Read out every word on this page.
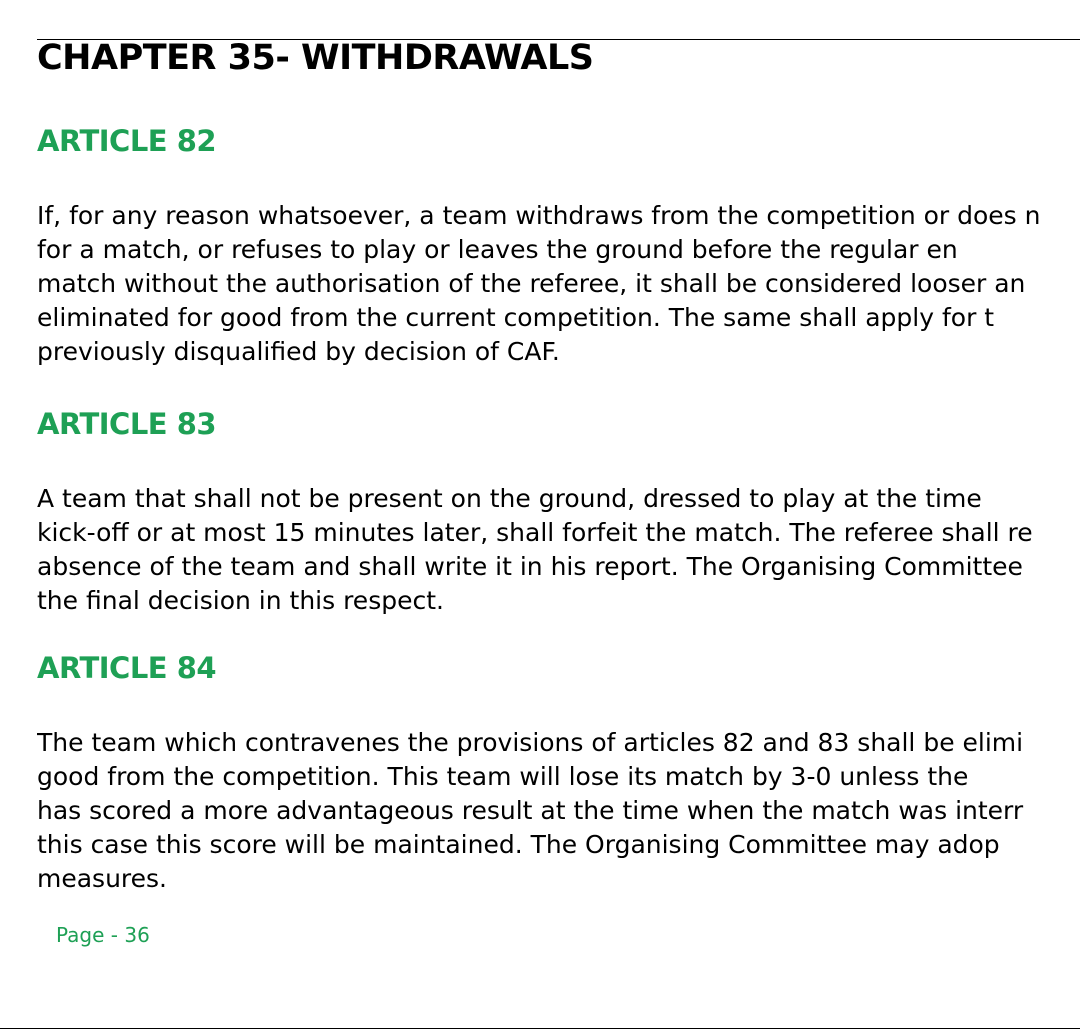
CHAPTER 35- WITHDRAWALS
ARTICLE 82
If, for any reason whatsoever, a team withdraws from the competition or does n
for a match, or refuses to play or leaves the ground before the regular en
match without the authorisation of the referee, it shall be considered looser an
eliminated for good from the current competition. The same shall apply for t
previously disqualified by decision of CAF.
ARTICLE 83
A team that shall not be present on the ground, dressed to play at the time
kick-off or at most 15 minutes later, shall forfeit the match. The referee shall re
absence of the team and shall write it in his report. The Organising Committee
the final decision in this respect.
ARTICLE 84
The team which contravenes the provisions of articles 82 and 83 shall be elimi
good from the competition. This team will lose its match by 3-0 unless the
has scored a more advantageous result at the time when the match was interr
this case this score will be maintained. The Organising Committee may adop
measures.

Page - 36
